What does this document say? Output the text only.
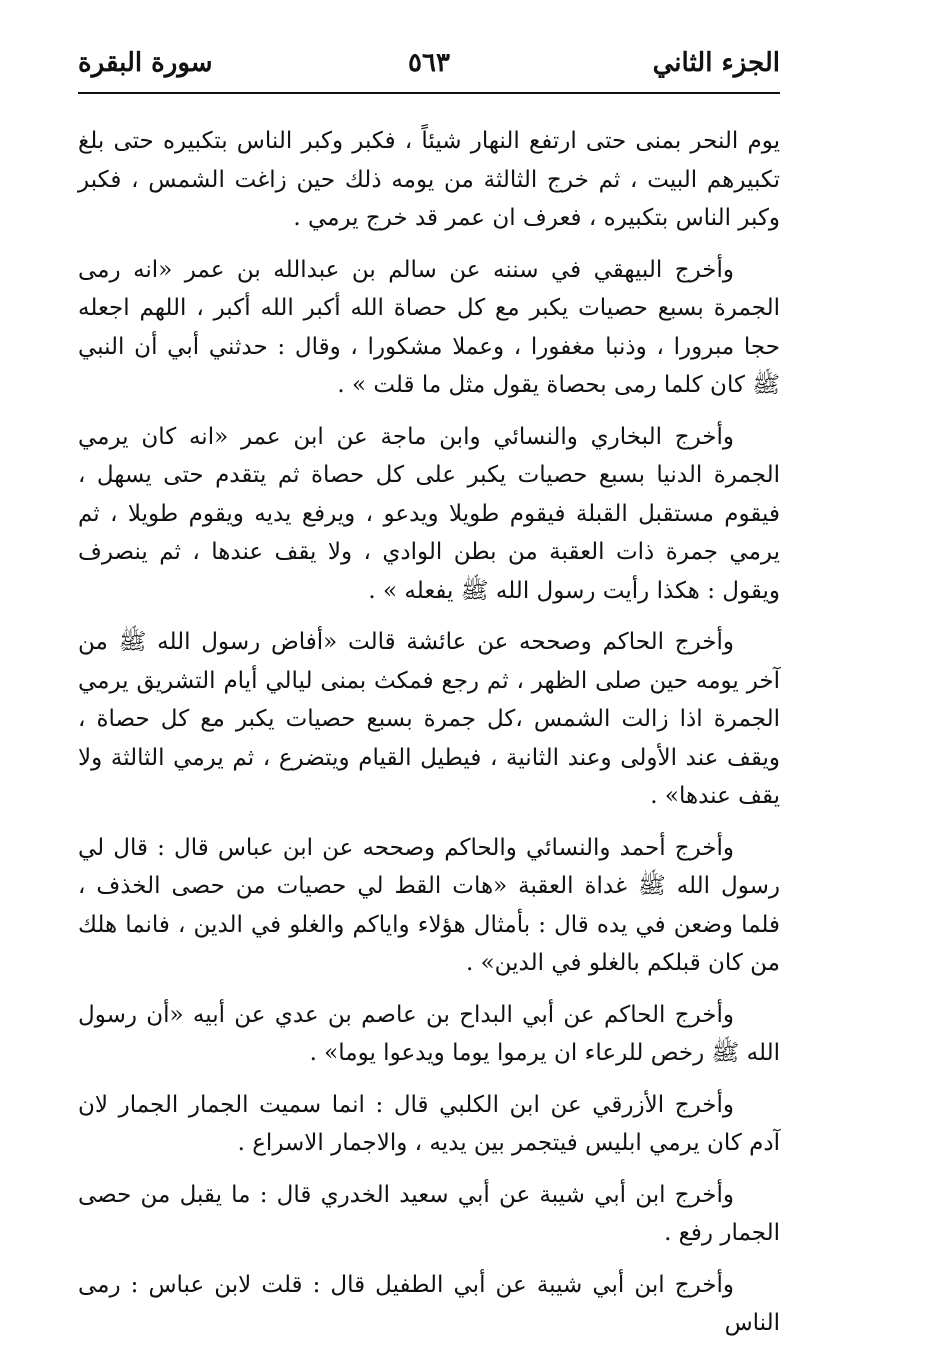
الجزء الثاني
٥٦٣
سورة البقرة

يوم النحر بمنى حتى ارتفع النهار شيئاً ، فكبر وكبر الناس بتكبيره حتى بلغ تكبيرهم البيت ، ثم خرج الثالثة من يومه ذلك حين زاغت الشمس ، فكبر وكبر الناس بتكبيره ، فعرف ان عمر قد خرج يرمي .

وأخرج البيهقي في سننه عن سالم بن عبدالله بن عمر «انه رمى الجمرة بسبع حصيات يكبر مع كل حصاة الله أكبر الله أكبر ، اللهم اجعله حجا مبرورا ، وذنبا مغفورا ، وعملا مشكورا ، وقال : حدثني أبي أن النبي ﷺ كان كلما رمى بحصاة يقول مثل ما قلت » .

وأخرج البخاري والنسائي وابن ماجة عن ابن عمر «انه كان يرمي الجمرة الدنيا بسبع حصيات يكبر على كل حصاة ثم يتقدم حتى يسهل ، فيقوم مستقبل القبلة فيقوم طويلا ويدعو ، ويرفع يديه ويقوم طويلا ، ثم يرمي جمرة ذات العقبة من بطن الوادي ، ولا يقف عندها ، ثم ينصرف ويقول : هكذا رأيت رسول الله ﷺ يفعله » .

وأخرج الحاكم وصححه عن عائشة قالت «أفاض رسول الله ﷺ من آخر يومه حين صلى الظهر ، ثم رجع فمكث بمنى ليالي أيام التشريق يرمي الجمرة اذا زالت الشمس ،كل جمرة بسبع حصيات يكبر مع كل حصاة ، ويقف عند الأولى وعند الثانية ، فيطيل القيام ويتضرع ، ثم يرمي الثالثة ولا يقف عندها» .

وأخرج أحمد والنسائي والحاكم وصححه عن ابن عباس قال : قال لي رسول الله ﷺ غداة العقبة «هات القط لي حصيات من حصى الخذف ، فلما وضعن في يده قال : بأمثال هؤلاء واياكم والغلو في الدين ، فانما هلك من كان قبلكم بالغلو في الدين» .

وأخرج الحاكم عن أبي البداح بن عاصم بن عدي عن أبيه «أن رسول الله ﷺ رخص للرعاء ان يرموا يوما ويدعوا يوما» .

وأخرج الأزرقي عن ابن الكلبي قال : انما سميت الجمار الجمار لان آدم كان يرمي ابليس فيتجمر بين يديه ، والاجمار الاسراع .

وأخرج ابن أبي شيبة عن أبي سعيد الخدري قال : ما يقبل من حصى الجمار رفع .

وأخرج ابن أبي شيبة عن أبي الطفيل قال : قلت لابن عباس : رمى الناس
